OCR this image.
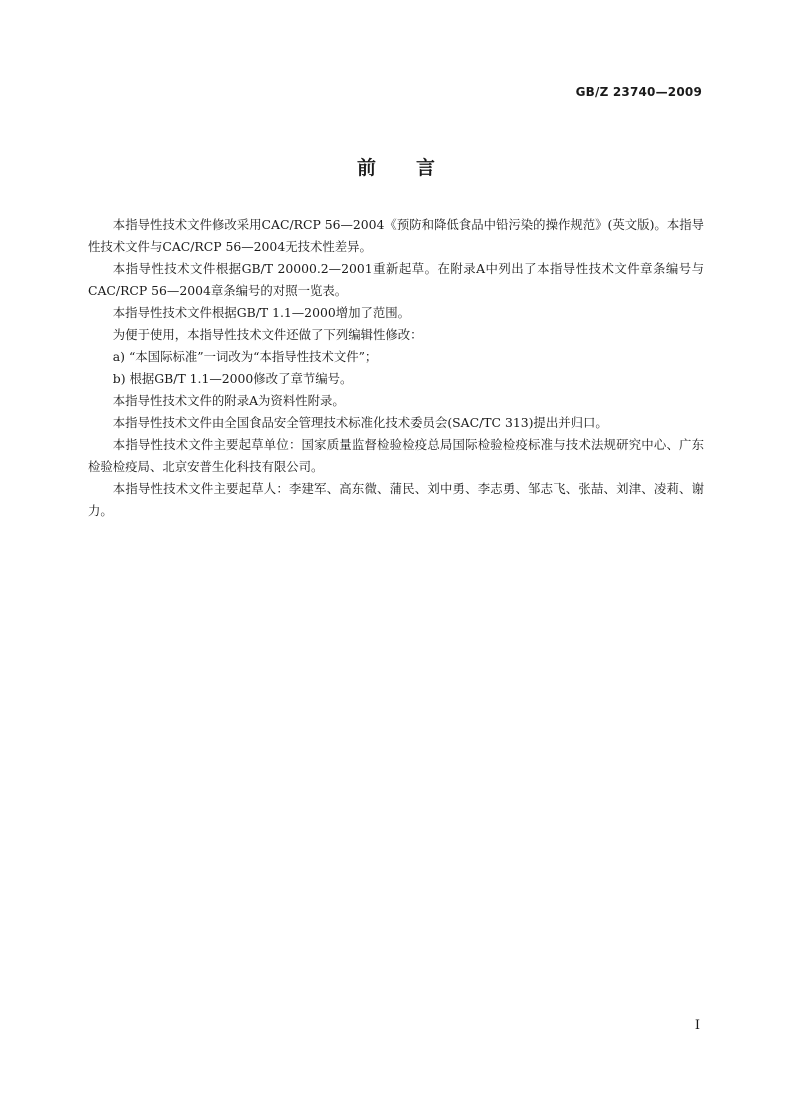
GB/Z 23740—2009
前言

本指导性技术文件修改采用CAC/RCP 56—2004《预防和降低食品中铅污染的操作规范》(英文版)。本指导性技术文件与CAC/RCP 56—2004无技术性差异。

本指导性技术文件根据GB/T 20000.2—2001重新起草。在附录A中列出了本指导性技术文件章条编号与CAC/RCP 56—2004章条编号的对照一览表。

本指导性技术文件根据GB/T 1.1—2000增加了范围。

为便于使用，本指导性技术文件还做了下列编辑性修改：

a) “本国际标准”一词改为“本指导性技术文件”；

b) 根据GB/T 1.1—2000修改了章节编号。

本指导性技术文件的附录A为资料性附录。

本指导性技术文件由全国食品安全管理技术标准化技术委员会(SAC/TC 313)提出并归口。

本指导性技术文件主要起草单位：国家质量监督检验检疫总局国际检验检疫标准与技术法规研究中心、广东检验检疫局、北京安普生化科技有限公司。

本指导性技术文件主要起草人：李建军、高东微、蒲民、刘中勇、李志勇、邹志飞、张喆、刘津、凌莉、谢力。

I
